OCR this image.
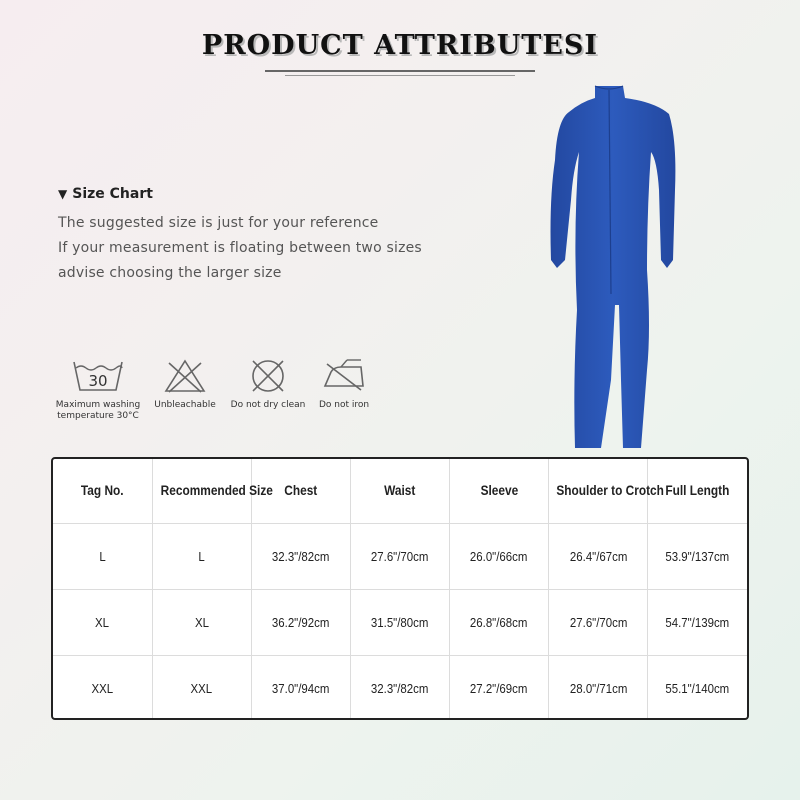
PRODUCT ATTRIBUTESI
▼ Size Chart
The suggested size is just for your reference
If your measurement is floating between two sizes
advise choosing the larger size
30
Maximum washing
temperature 30°C
Unbleachable Do not dry clean	Do not iron
Tag No.	Recommended Size	Chest	Waist	Sleeve	Shoulder to Crotch	Full Length
L	L	32.3"/82cm	27.6"/70cm	26.0"/66cm	26.4"/67cm	53.9"/137cm
XL	XL	36.2"/92cm	31.5"/80cm	26.8"/68cm	27.6"/70cm	54.7"/139cm
XXL	XXL	37.0"/94cm	32.3"/82cm	27.2"/69cm	28.0"/71cm	55.1"/140cm
